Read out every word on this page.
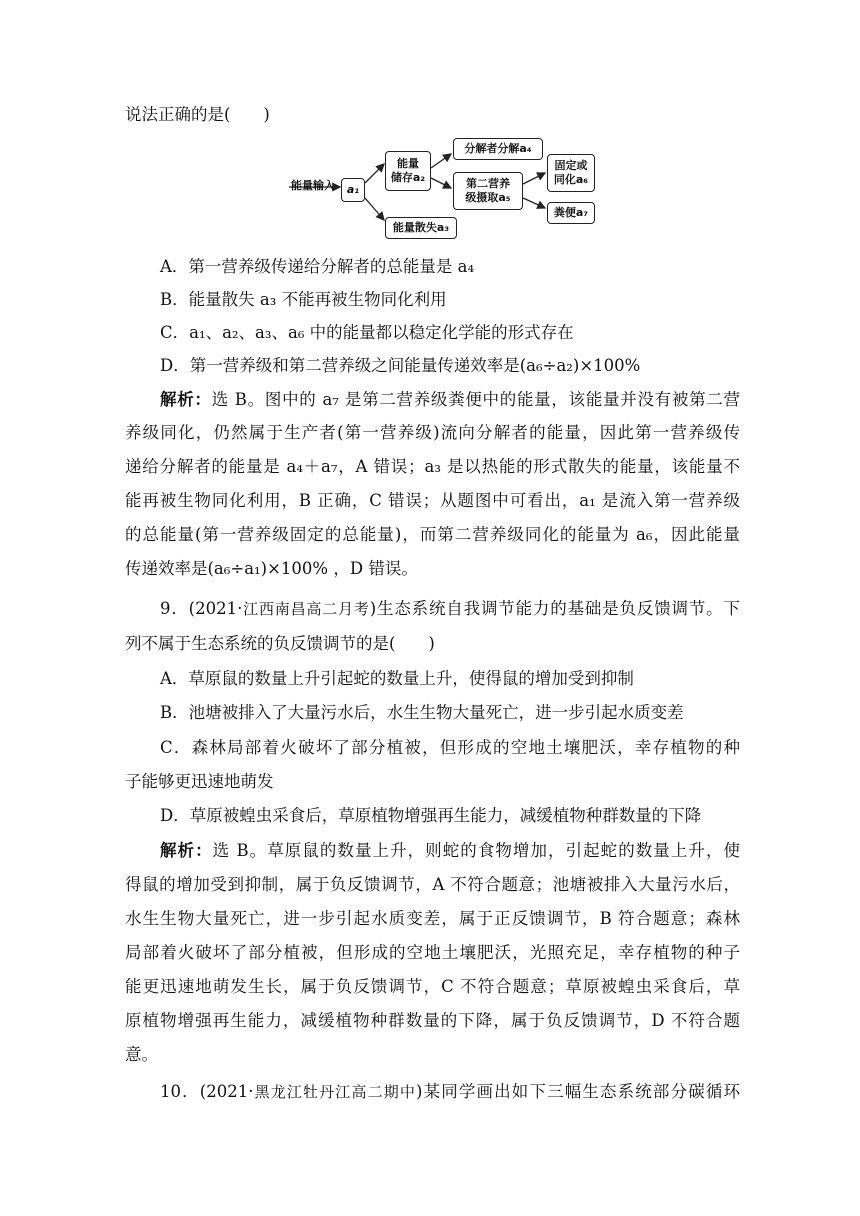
说法正确的是(　　)
能量输入 a₁
能量
储存a₂
能量散失a₃
分解者分解a₄
第二营养
级摄取a₅
固定或
同化a₆
粪便a₇
A．第一营养级传递给分解者的总能量是 a₄
B．能量散失 a₃ 不能再被生物同化利用
C．a₁、a₂、a₃、a₆ 中的能量都以稳定化学能的形式存在
D．第一营养级和第二营养级之间能量传递效率是(a₆÷a₂)×100%
解析：选 B。图中的 a₇ 是第二营养级粪便中的能量，该能量并没有被第二营
养级同化，仍然属于生产者(第一营养级)流向分解者的能量，因此第一营养级传
递给分解者的能量是 a₄＋a₇，A 错误；a₃ 是以热能的形式散失的能量，该能量不
能再被生物同化利用，B 正确，C 错误；从题图中可看出，a₁ 是流入第一营养级
的总能量(第一营养级固定的总能量)，而第二营养级同化的能量为 a₆，因此能量
传递效率是(a₆÷a₁)×100% ，D 错误。
9．(2021·江西南昌高二月考)生态系统自我调节能力的基础是负反馈调节。下
列不属于生态系统的负反馈调节的是(　　)
A．草原鼠的数量上升引起蛇的数量上升，使得鼠的增加受到抑制
B．池塘被排入了大量污水后，水生生物大量死亡，进一步引起水质变差
C．森林局部着火破坏了部分植被，但形成的空地土壤肥沃，幸存植物的种
子能够更迅速地萌发
D．草原被蝗虫采食后，草原植物增强再生能力，减缓植物种群数量的下降
解析：选 B。草原鼠的数量上升，则蛇的食物增加，引起蛇的数量上升，使
得鼠的增加受到抑制，属于负反馈调节，A 不符合题意；池塘被排入大量污水后，
水生生物大量死亡，进一步引起水质变差，属于正反馈调节，B 符合题意；森林
局部着火破坏了部分植被，但形成的空地土壤肥沃，光照充足，幸存植物的种子
能更迅速地萌发生长，属于负反馈调节，C 不符合题意；草原被蝗虫采食后，草
原植物增强再生能力，减缓植物种群数量的下降，属于负反馈调节，D 不符合题
意。
10．(2021·黑龙江牡丹江高二期中)某同学画出如下三幅生态系统部分碳循环
